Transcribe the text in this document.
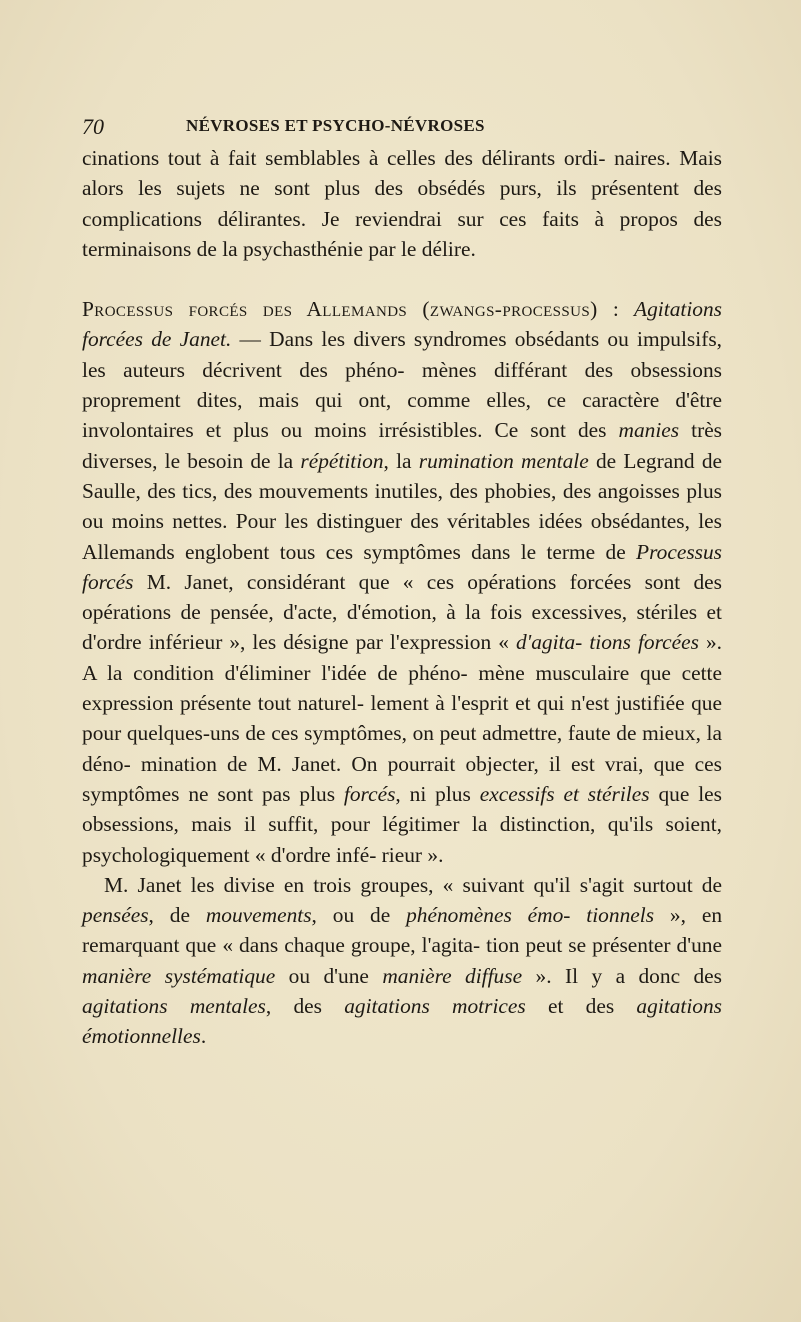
70	NÉVROSES ET PSYCHO-NÉVROSES

cinations tout à fait semblables à celles des délirants ordi- naires. Mais alors les sujets ne sont plus des obsédés purs, ils présentent des complications délirantes. Je reviendrai sur ces faits à propos des terminaisons de la psychasthénie par le délire.

Processus forcés des Allemands (zwangs-processus) : Agitations forcées de Janet. — Dans les divers syndromes obsédants ou impulsifs, les auteurs décrivent des phéno- mènes différant des obsessions proprement dites, mais qui ont, comme elles, ce caractère d'être involontaires et plus ou moins irrésistibles. Ce sont des manies très diverses, le besoin de la répétition, la rumination mentale de Legrand de Saulle, des tics, des mouvements inutiles, des phobies, des angoisses plus ou moins nettes. Pour les distinguer des véritables idées obsédantes, les Allemands englobent tous ces symptômes dans le terme de Processus forcés M. Janet, considérant que « ces opérations forcées sont des opérations de pensée, d'acte, d'émotion, à la fois excessives, stériles et d'ordre inférieur », les désigne par l'expression « d'agita- tions forcées ». A la condition d'éliminer l'idée de phéno- mène musculaire que cette expression présente tout naturel- lement à l'esprit et qui n'est justifiée que pour quelques-uns de ces symptômes, on peut admettre, faute de mieux, la déno- mination de M. Janet. On pourrait objecter, il est vrai, que ces symptômes ne sont pas plus forcés, ni plus excessifs et stériles que les obsessions, mais il suffit, pour légitimer la distinction, qu'ils soient, psychologiquement « d'ordre infé- rieur ».

M. Janet les divise en trois groupes, « suivant qu'il s'agit surtout de pensées, de mouvements, ou de phénomènes émo- tionnels », en remarquant que « dans chaque groupe, l'agita- tion peut se présenter d'une manière systématique ou d'une manière diffuse ». Il y a donc des agitations mentales, des agitations motrices et des agitations émotionnelles.
